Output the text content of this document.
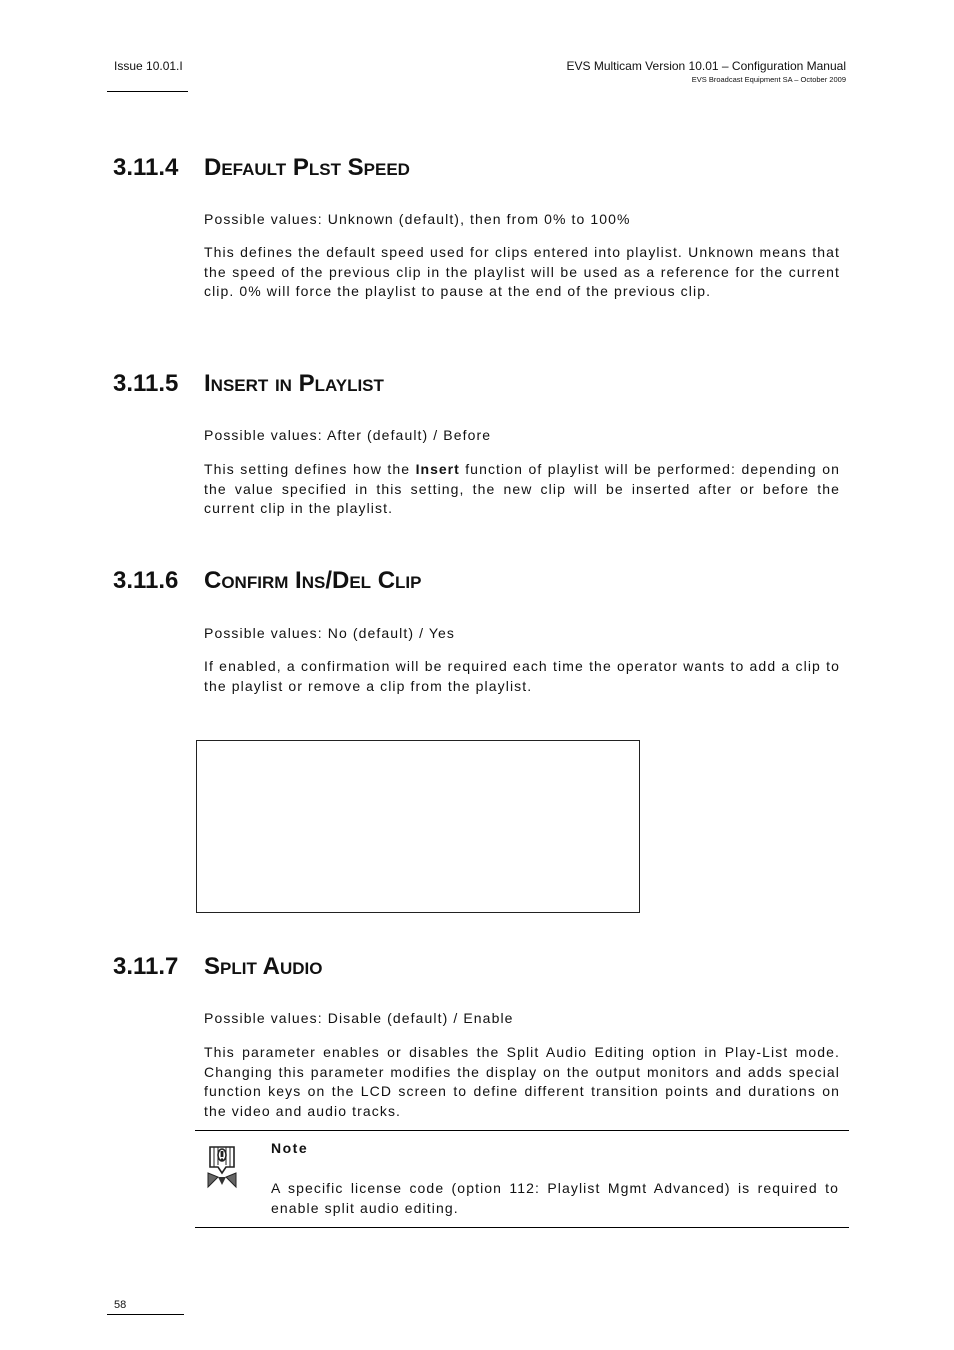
Issue 10.01.I	EVS Multicam Version 10.01 – Configuration Manual
EVS Broadcast Equipment SA – October 2009
3.11.4 Default Plst Speed

Possible values: Unknown (default), then from 0% to 100%

This defines the default speed used for clips entered into playlist. Unknown means that the speed of the previous clip in the playlist will be used as a reference for the current clip. 0% will force the playlist to pause at the end of the previous clip.

3.11.5 Insert in Playlist

Possible values: After (default) / Before

This setting defines how the Insert function of playlist will be performed: depending on the value specified in this setting, the new clip will be inserted after or before the current clip in the playlist.

3.11.6 Confirm Ins/Del Clip

Possible values: No (default) / Yes

If enabled, a confirmation will be required each time the operator wants to add a clip to the playlist or remove a clip from the playlist.

3.11.7 Split Audio

Possible values: Disable (default) / Enable

This parameter enables or disables the Split Audio Editing option in Play-List mode. Changing this parameter modifies the display on the output monitors and adds special function keys on the LCD screen to define different transition points and durations on the video and audio tracks.

Note
A specific license code (option 112: Playlist Mgmt Advanced) is required to enable split audio editing.
58
